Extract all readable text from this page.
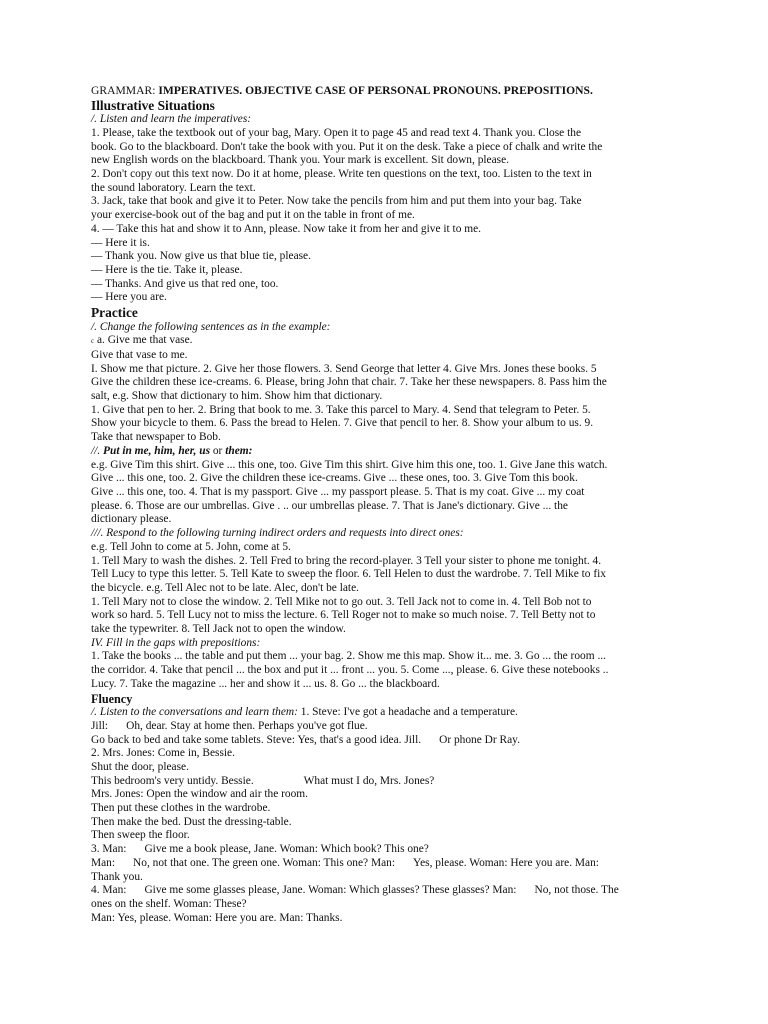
GRAMMAR: IMPERATIVES. OBJECTIVE CASE OF PERSONAL PRONOUNS. PREPOSITIONS.

Illustrative Situations

/. Listen and learn the imperatives:

1. Please, take the textbook out of your bag, Mary. Open it to page 45 and read text 4. Thank you. Close the

book. Go to the blackboard. Don't take the book with you. Put it on the desk. Take a piece of chalk and write the

new English words on the blackboard. Thank you. Your mark is excellent. Sit down, please.

2. Don't copy out this text now. Do it at home, please. Write ten questions on the text, too. Listen to the text in

the sound laboratory. Learn the text.

3. Jack, take that book and give it to Peter. Now take the pencils from him and put them into your bag. Take

your exercise-book out of the bag and put it on the table in front of me.

4. — Take this hat and show it to Ann, please. Now take it from her and give it to me.

— Here it is.

— Thank you. Now give us that blue tie, please.

— Here is the tie. Take it, please.

— Thanks. And give us that red one, too.

— Here you are.

Practice

/. Change the following sentences as in the example:

c a. Give me that vase.

Give that vase to me.

I. Show me that picture. 2. Give her those flowers. 3. Send George that letter 4. Give Mrs. Jones these books. 5

Give the children these ice-creams. 6. Please, bring John that chair. 7. Take her these newspapers. 8. Pass him the

salt, e.g. Show that dictionary to him. Show him that dictionary.

1. Give that pen to her. 2. Bring that book to me. 3. Take this parcel to Mary. 4. Send that telegram to Peter. 5.

Show your bicycle to them. 6. Pass the bread to Helen. 7. Give that pencil to her. 8. Show your album to us. 9.

Take that newspaper to Bob.

//. Put in me, him, her, us or them:

e.g. Give Tim this shirt. Give ... this one, too. Give Tim this shirt. Give him this one, too. 1. Give Jane this watch.

Give ... this one, too. 2. Give the children these ice-creams. Give ... these ones, too. 3. Give Tom this book.

Give ... this one, too. 4. That is my passport. Give ... my passport please. 5. That is my coat. Give ... my coat

please. 6. Those are our umbrellas. Give . .. our umbrellas please. 7. That is Jane's dictionary. Give ... the

dictionary please.

///. Respond to the following turning indirect orders and requests into direct ones:

e.g. Tell John to come at 5. John, come at 5.

1. Tell Mary to wash the dishes. 2. Tell Fred to bring the record-player. 3 Tell your sister to phone me tonight. 4.

Tell Lucy to type this letter. 5. Tell Kate to sweep the floor. 6. Tell Helen to dust the wardrobe. 7. Tell Mike to fix

the bicycle. e.g. Tell Alec not to be late. Alec, don't be late.

1. Tell Mary not to close the window. 2. Tell Mike not to go out. 3. Tell Jack not to come in. 4. Tell Bob not to

work so hard. 5. Tell Lucy not to miss the lecture. 6. Tell Roger not to make so much noise. 7. Tell Betty not to

take the typewriter. 8. Tell Jack not to open the window.

IV. Fill in the gaps with prepositions:

1. Take the books ... the table and put them ... your bag. 2. Show me this map. Show it... me. 3. Go ... the room ...

the corridor. 4. Take that pencil ... the box and put it ... front ... you. 5. Come ..., please. 6. Give these notebooks ..

Lucy. 7. Take the magazine ... her and show it ... us. 8. Go ... the blackboard.

Fluency

/. Listen to the conversations and learn them: 1. Steve: I've got a headache and a temperature.

Jill: Oh, dear. Stay at home then. Perhaps you've got flue.

Go back to bed and take some tablets. Steve: Yes, that's a good idea. Jill. Or phone Dr Ray.

2. Mrs. Jones: Come in, Bessie.

Shut the door, please.

This bedroom's very untidy. Bessie.	What must I do, Mrs. Jones?

Mrs. Jones: Open the window and air the room.

Then put these clothes in the wardrobe.

Then make the bed. Dust the dressing-table.

Then sweep the floor.

3. Man: Give me a book please, Jane. Woman: Which book? This one?

Man: No, not that one. The green one. Woman: This one? Man: Yes, please. Woman: Here you are. Man:

Thank you.

4. Man: Give me some glasses please, Jane. Woman: Which glasses? These glasses? Man: No, not those. The

ones on the shelf. Woman: These?

Man: Yes, please. Woman: Here you are. Man: Thanks.
